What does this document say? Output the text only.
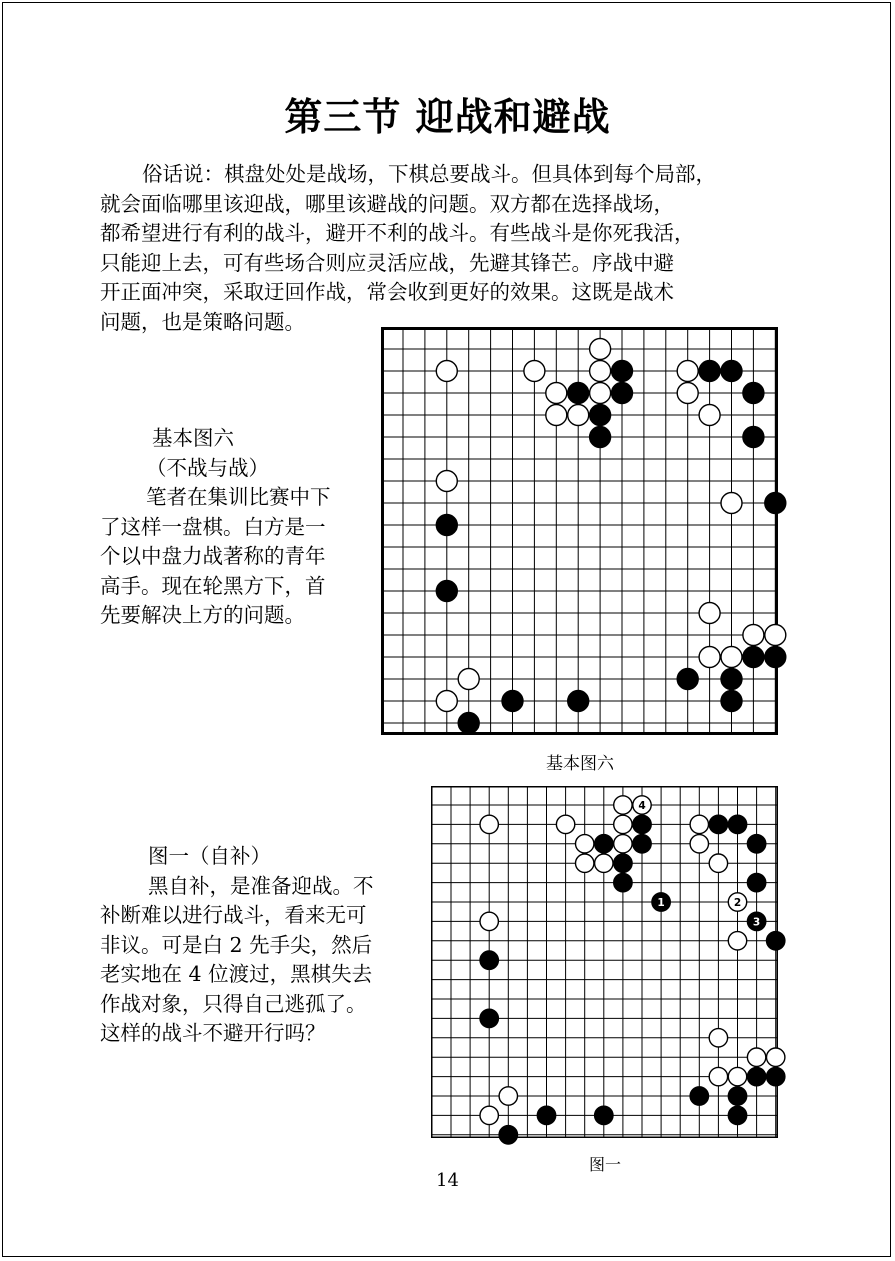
第三节 迎战和避战
俗话说：棋盘处处是战场，下棋总要战斗。但具体到每个局部，
就会面临哪里该迎战，哪里该避战的问题。双方都在选择战场，
都希望进行有利的战斗，避开不利的战斗。有些战斗是你死我活，
只能迎上去，可有些场合则应灵活应战，先避其锋芒。序战中避
开正面冲突，采取迂回作战，常会收到更好的效果。这既是战术
问题，也是策略问题。
基本图六
（不战与战）
笔者在集训比赛中下
了这样一盘棋。白方是一
个以中盘力战著称的青年
高手。现在轮黑方下，首
先要解决上方的问题。
基本图六
图一（自补）
黑自补，是准备迎战。不
补断难以进行战斗，看来无可
非议。可是白 2 先手尖，然后
老实地在 4 位渡过，黑棋失去
作战对象，只得自己逃孤了。
这样的战斗不避开行吗？
1
3
2
4
图一
14
